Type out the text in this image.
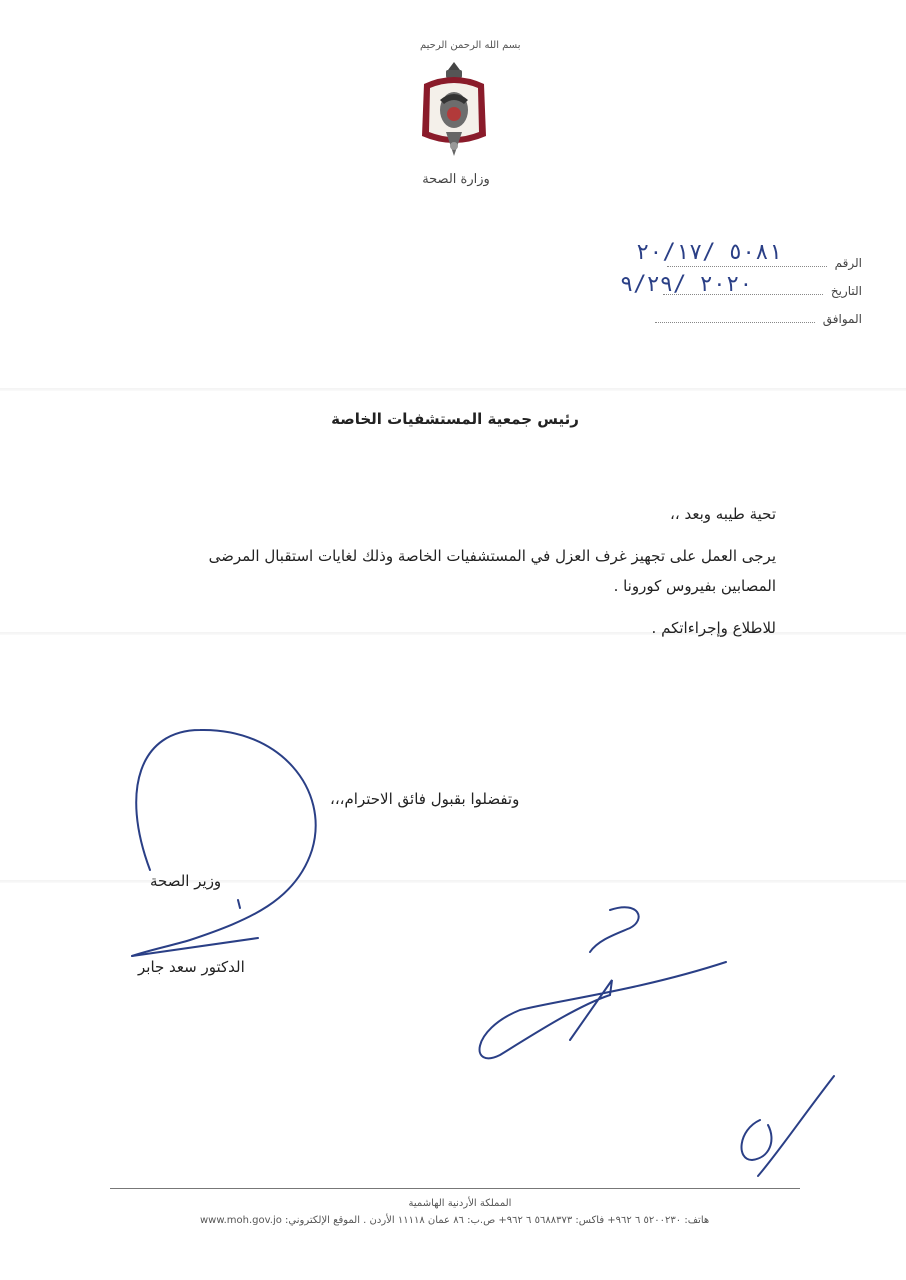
بسم الله الرحمن الرحيم
وزارة الصحة
الرقم
التاريخ
الموافق
٥٠٨١ /٢٠/١٧
٢٠٢٠ /٩/٢٩
رئيس جمعية المستشفيات الخاصة
تحية طيبه وبعد ،،
يرجى العمل على تجهيز غرف العزل في المستشفيات الخاصة وذلك لغايات استقبال المرضى
المصابين بفيروس كورونا .
للاطلاع وإجراءاتكم .
وتفضلوا بقبول فائق الاحترام،،،
وزير الصحة
الدكتور سعد جابر
المملكة الأردنية الهاشمية
www.moh.gov.jo هاتف: ٥٢٠٠٢٣٠ ٦ ٩٦٢+ فاكس: ٥٦٨٨٣٧٣ ٦ ٩٦٢+ ص.ب: ٨٦ عمان ١١١١٨ الأردن . الموقع الإلكتروني:
